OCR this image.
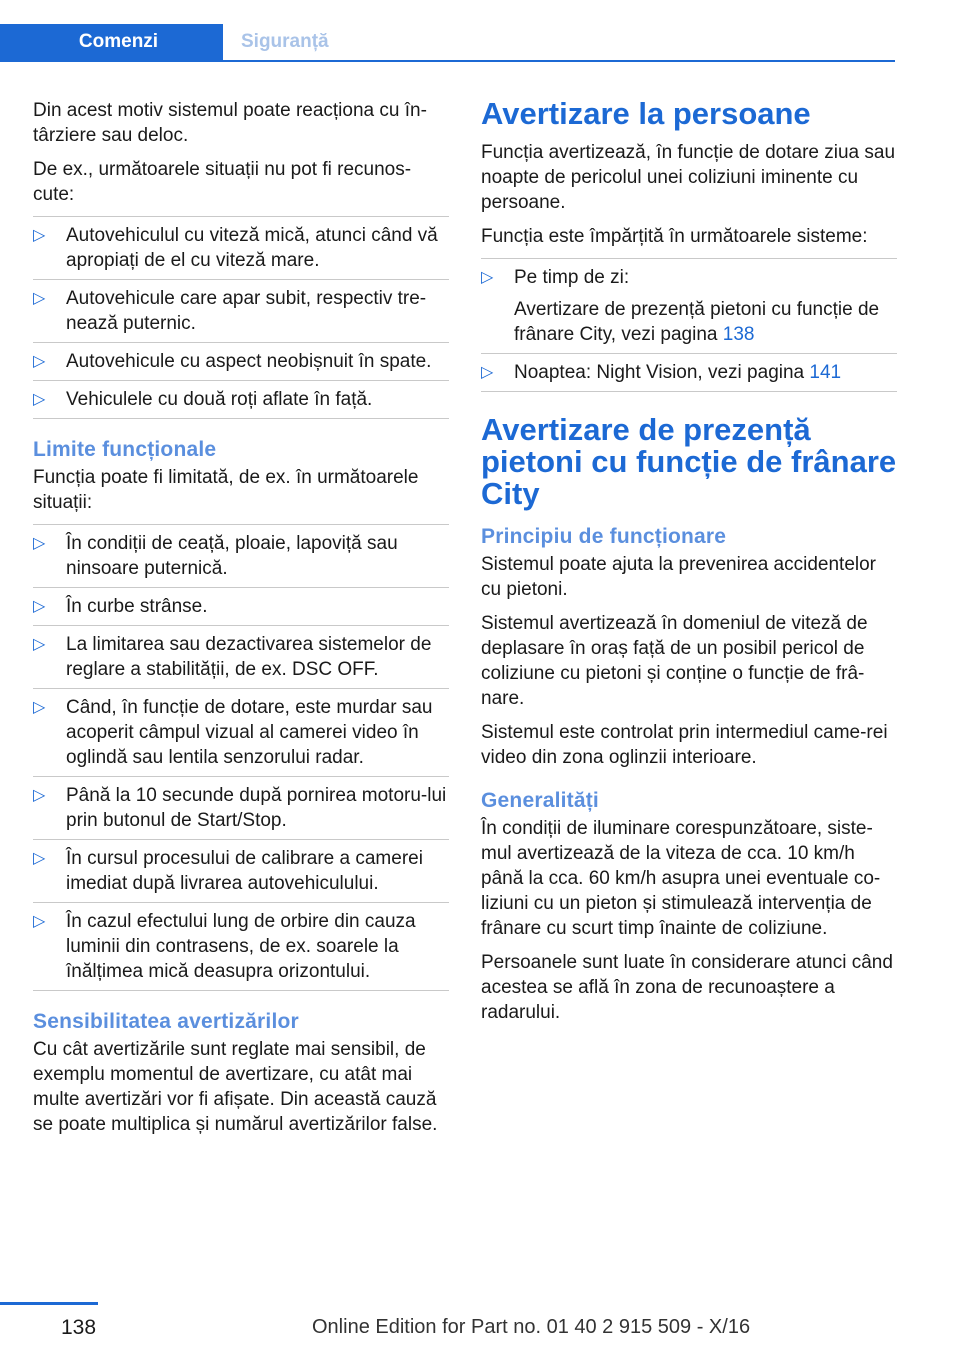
Comenzi	Siguranță

Din acest motiv sistemul poate reacționa cu în-târziere sau deloc.

De ex., următoarele situații nu pot fi recunos-cute:

▷ Autovehiculul cu viteză mică, atunci când vă apropiați de el cu viteză mare.
▷ Autovehicule care apar subit, respectiv tre-nează puternic.
▷ Autovehicule cu aspect neobișnuit în spate.
▷ Vehiculele cu două roți aflate în față.
Limite funcționale

Funcția poate fi limitată, de ex. în următoarele situații:

▷ În condiții de ceață, ploaie, lapoviță sau ninsoare puternică.
▷ În curbe strânse.
▷ La limitarea sau dezactivarea sistemelor de reglare a stabilității, de ex. DSC OFF.
▷ Când, în funcție de dotare, este murdar sau acoperit câmpul vizual al camerei video în oglindă sau lentila senzorului radar.
▷ Până la 10 secunde după pornirea motoru-lui prin butonul de Start/Stop.
▷ În cursul procesului de calibrare a camerei imediat după livrarea autovehiculului.
▷ În cazul efectului lung de orbire din cauza luminii din contrasens, de ex. soarele la înălțimea mică deasupra orizontului.
Sensibilitatea avertizărilor

Cu cât avertizările sunt reglate mai sensibil, de exemplu momentul de avertizare, cu atât mai multe avertizări vor fi afișate. Din această cauză se poate multiplica și numărul avertizărilor false.

Avertizare la persoane

Funcția avertizează, în funcție de dotare ziua sau noapte de pericolul unei coliziuni iminente cu persoane.

Funcția este împărțită în următoarele sisteme:

▷ Pe timp de zi:
Avertizare de prezență pietoni cu funcție de frânare City, vezi pagina 138
▷ Noaptea: Night Vision, vezi pagina 141
Avertizare de prezență pietoni cu funcție de frânare City
Principiu de funcționare

Sistemul poate ajuta la prevenirea accidentelor cu pietoni.

Sistemul avertizează în domeniul de viteză de deplasare în oraș față de un posibil pericol de coliziune cu pietoni și conține o funcție de frâ-nare.

Sistemul este controlat prin intermediul came-rei video din zona oglinzii interioare.

Generalități

În condiții de iluminare corespunzătoare, siste-mul avertizează de la viteza de cca. 10 km/h până la cca. 60 km/h asupra unei eventuale co-liziuni cu un pieton și stimulează intervenția de frânare cu scurt timp înainte de coliziune.

Persoanele sunt luate în considerare atunci când acestea se află în zona de recunoaștere a radarului.

138	Online Edition for Part no. 01 40 2 915 509 - X/16
